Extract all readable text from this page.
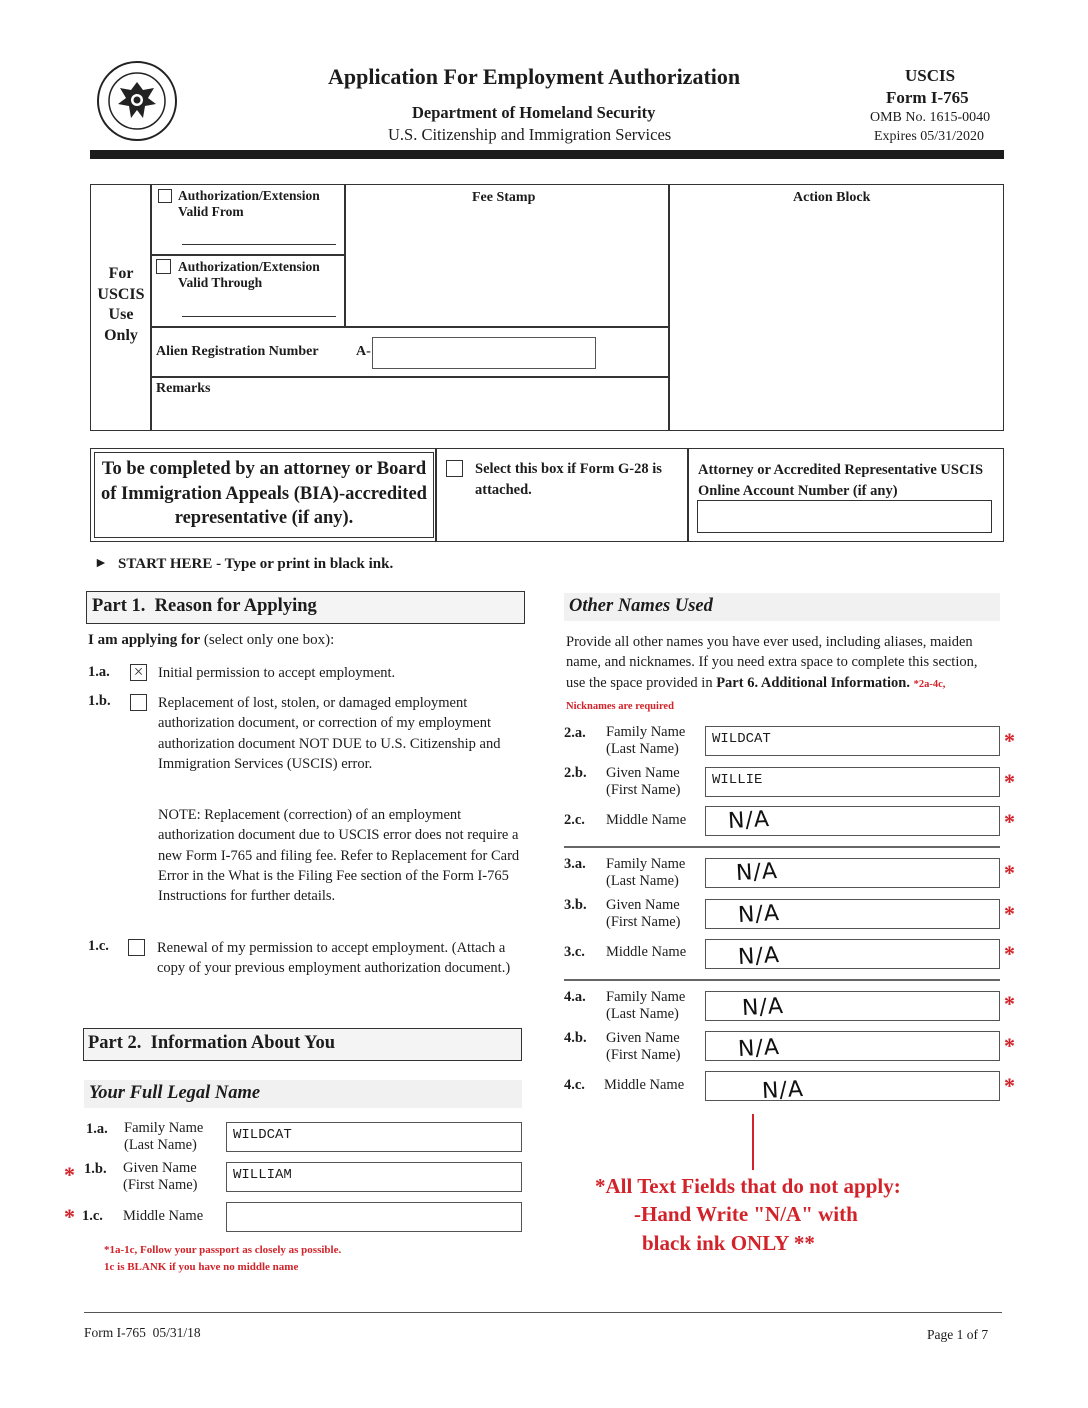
Application For Employment Authorization
Department of Homeland Security
U.S. Citizenship and Immigration Services
USCIS
Form I-765
OMB No. 1615-0040
Expires 05/31/2020
For
USCIS
Use
Only
Authorization/Extension Valid From
Authorization/Extension Valid Through
Fee Stamp	Action Block
Alien Registration Number	A-
Remarks
To be completed by an attorney or Board of Immigration Appeals (BIA)-accredited representative (if any).
Select this box if Form G-28 is attached.
Attorney or Accredited Representative USCIS Online Account Number (if any)
► START HERE - Type or print in black ink.
Part 1.  Reason for Applying
I am applying for (select only one box):
1.a. × Initial permission to accept employment.
1.b.	Replacement of lost, stolen, or damaged employment authorization document, or correction of my employment authorization document NOT DUE to U.S. Citizenship and Immigration Services (USCIS) error.
NOTE: Replacement (correction) of an employment authorization document due to USCIS error does not require a new Form I-765 and filing fee. Refer to Replacement for Card Error in the What is the Filing Fee section of the Form I-765 Instructions for further details.
1.c.	Renewal of my permission to accept employment. (Attach a copy of your previous employment authorization document.)
Part 2.  Information About You
Your Full Legal Name
1.a. Family Name (Last Name)
WILDCAT
* 1.b. Given Name (First Name)
WILLIAM
* 1.c. Middle Name
*1a-1c, Follow your passport as closely as possible.
1c is BLANK if you have no middle name
Other Names Used
Provide all other names you have ever used, including aliases, maiden name, and nicknames. If you need extra space to complete this section, use the space provided in Part 6. Additional Information. *2a-4c, Nicknames are required
2.a. Family Name (Last Name)
WILDCAT	*
2.b. Given Name (First Name)
WILLIE	*
2.c. Middle Name N/A	*
3.a. Family Name (Last Name)	N/A	*
3.b. Given Name (First Name)	N/A	*
3.c. Middle Name N/A	*
4.a. Family Name (Last Name)	N/A	*
4.b. Given Name (First Name)	N/A	*
4.c. Middle Name	N/A	*
*All Text Fields that do not apply:
-Hand Write "N/A" with
black ink ONLY **
Form I-765  05/31/18	Page 1 of 7
